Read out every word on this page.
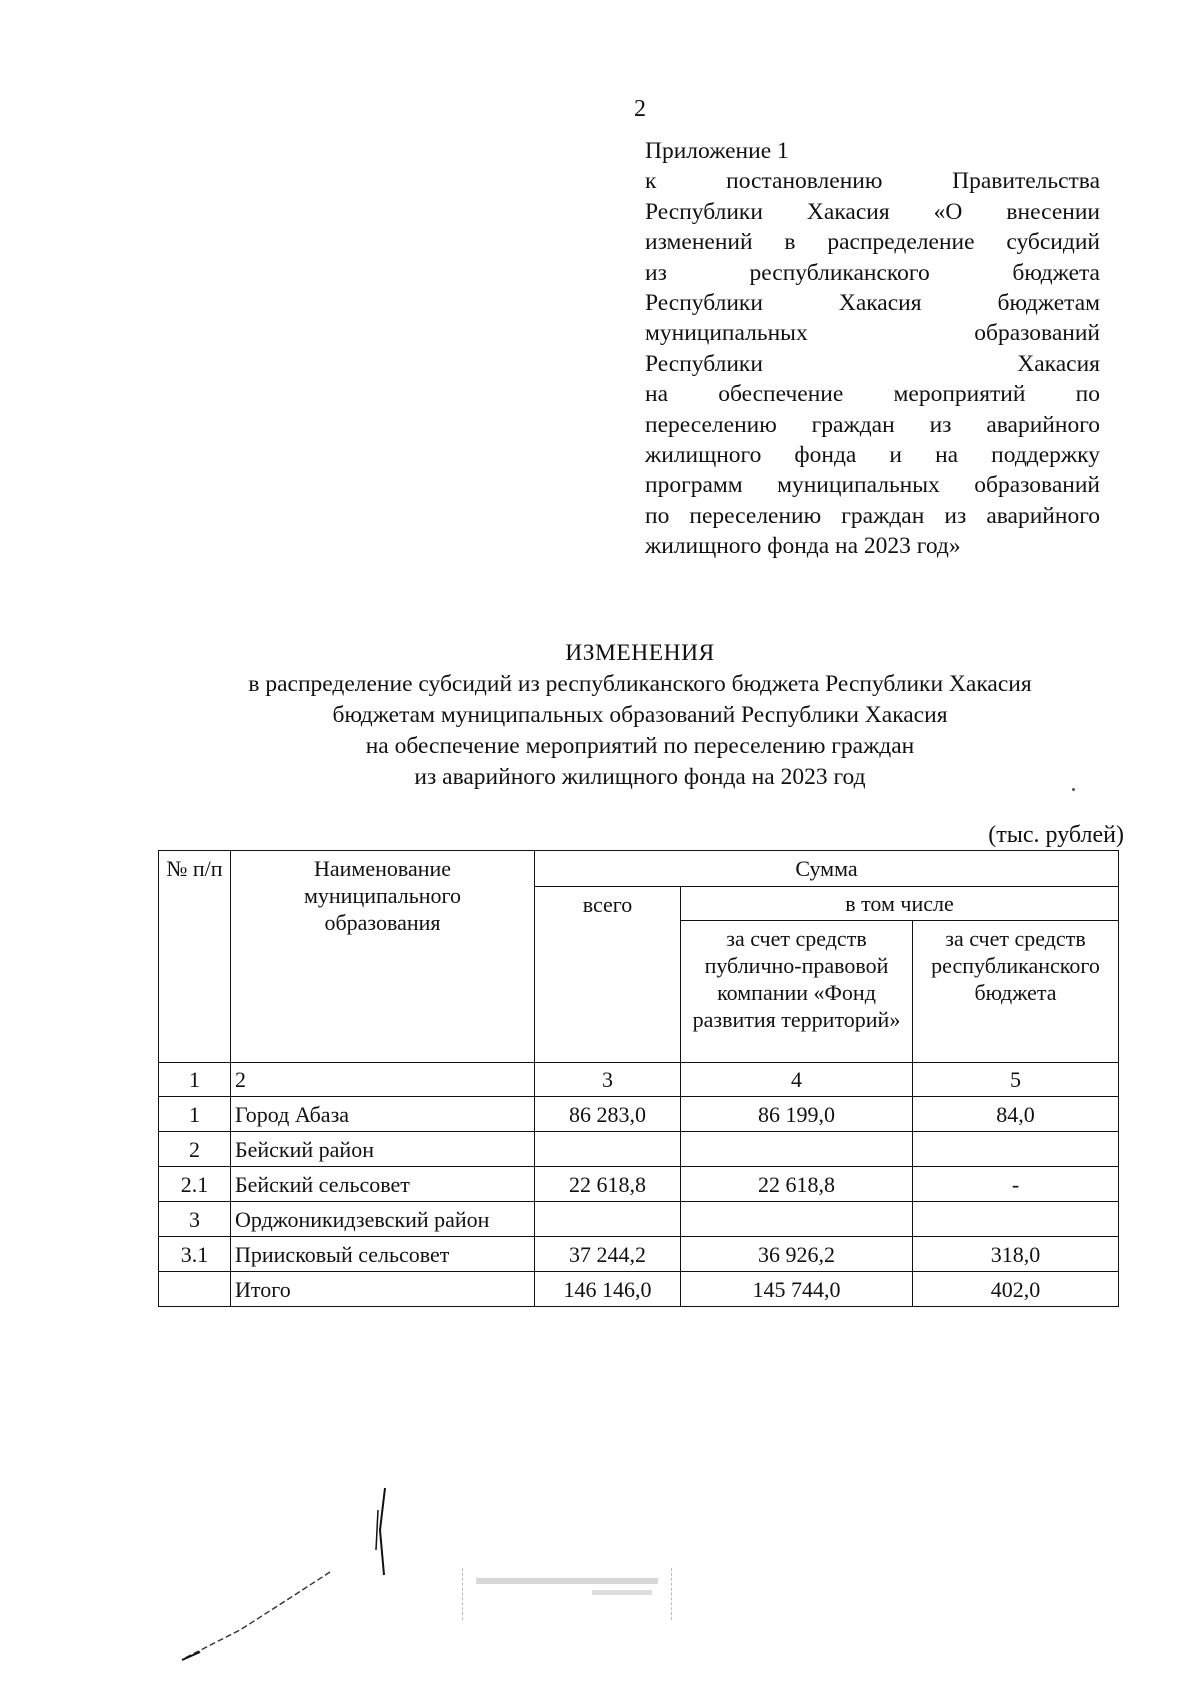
2
Приложение 1
к постановлению Правительства
Республики Хакасия «О внесении
изменений в распределение субсидий
из республиканского бюджета
Республики Хакасия бюджетам
муниципальных образований
Республики Хакасия
на обеспечение мероприятий по
переселению граждан из аварийного
жилищного фонда и на поддержку
программ муниципальных образований
по переселению граждан из аварийного
жилищного фонда на 2023 год»
ИЗМЕНЕНИЯ
в распределение субсидий из республиканского бюджета Республики Хакасия
бюджетам муниципальных образований Республики Хакасия
на обеспечение мероприятий по переселению граждан
из аварийного жилищного фонда на 2023 год
(тыс. рублей)
№ п/п	Наименование муниципального образования	Сумма		
		всего	в том числе	
			за счет средств публично-правовой компании «Фонд развития территорий»	за счет средств республиканского бюджета
1	2	3	4	5
1	Город Абаза	86 283,0	86 199,0	84,0
2	Бейский район			
2.1	Бейский сельсовет	22 618,8	22 618,8	-
3	Орджоникидзевский район			
3.1	Приисковый сельсовет	37 244,2	36 926,2	318,0
	Итого	146 146,0	145 744,0	402,0
